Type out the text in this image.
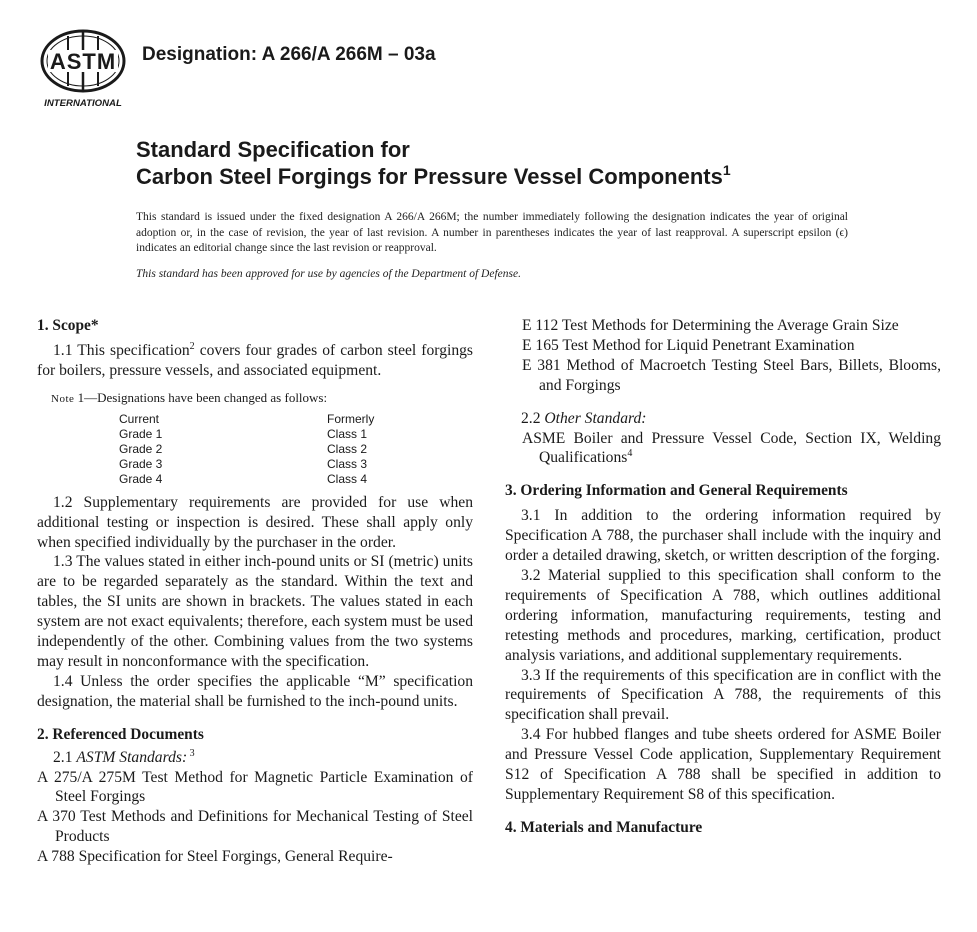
ASTM
INTERNATIONAL
Designation: A 266/A 266M – 03a
Standard Specification for
Carbon Steel Forgings for Pressure Vessel Components$^1$
This standard is issued under the fixed designation A 266/A 266M; the number immediately following the designation indicates the year of original adoption or, in the case of revision, the year of last revision. A number in parentheses indicates the year of last reapproval. A superscript epsilon (ϵ) indicates an editorial change since the last revision or reapproval.
This standard has been approved for use by agencies of the Department of Defense.

1. Scope*

1.1 This specification$^2$ covers four grades of carbon steel forgings for boilers, pressure vessels, and associated equipment.

Note 1—Designations have been changed as follows:
Current	Formerly
Grade 1	Class 1
Grade 2	Class 2
Grade 3	Class 3
Grade 4	Class 4

1.2 Supplementary requirements are provided for use when additional testing or inspection is desired. These shall apply only when specified individually by the purchaser in the order.

1.3 The values stated in either inch-pound units or SI (metric) units are to be regarded separately as the standard. Within the text and tables, the SI units are shown in brackets. The values stated in each system are not exact equivalents; therefore, each system must be used independently of the other. Combining values from the two systems may result in nonconformance with the specification.

1.4 Unless the order specifies the applicable “M” specification designation, the material shall be furnished to the inch-pound units.

2. Referenced Documents

2.1 ASTM Standards: $^3$

A 275/A 275M Test Method for Magnetic Particle Examination of Steel Forgings

A 370 Test Methods and Definitions for Mechanical Testing of Steel Products

A 788 Specification for Steel Forgings, General Require-

E 112 Test Methods for Determining the Average Grain Size

E 165 Test Method for Liquid Penetrant Examination

E 381 Method of Macroetch Testing Steel Bars, Billets, Blooms, and Forgings

2.2 Other Standard:

ASME Boiler and Pressure Vessel Code, Section IX, Welding Qualifications$^4$

3. Ordering Information and General Requirements

3.1 In addition to the ordering information required by Specification A 788, the purchaser shall include with the inquiry and order a detailed drawing, sketch, or written description of the forging.

3.2 Material supplied to this specification shall conform to the requirements of Specification A 788, which outlines additional ordering information, manufacturing requirements, testing and retesting methods and procedures, marking, certification, product analysis variations, and additional supplementary requirements.

3.3 If the requirements of this specification are in conflict with the requirements of Specification A 788, the requirements of this specification shall prevail.

3.4 For hubbed flanges and tube sheets ordered for ASME Boiler and Pressure Vessel Code application, Supplementary Requirement S12 of Specification A 788 shall be specified in addition to Supplementary Requirement S8 of this specification.

4. Materials and Manufacture
